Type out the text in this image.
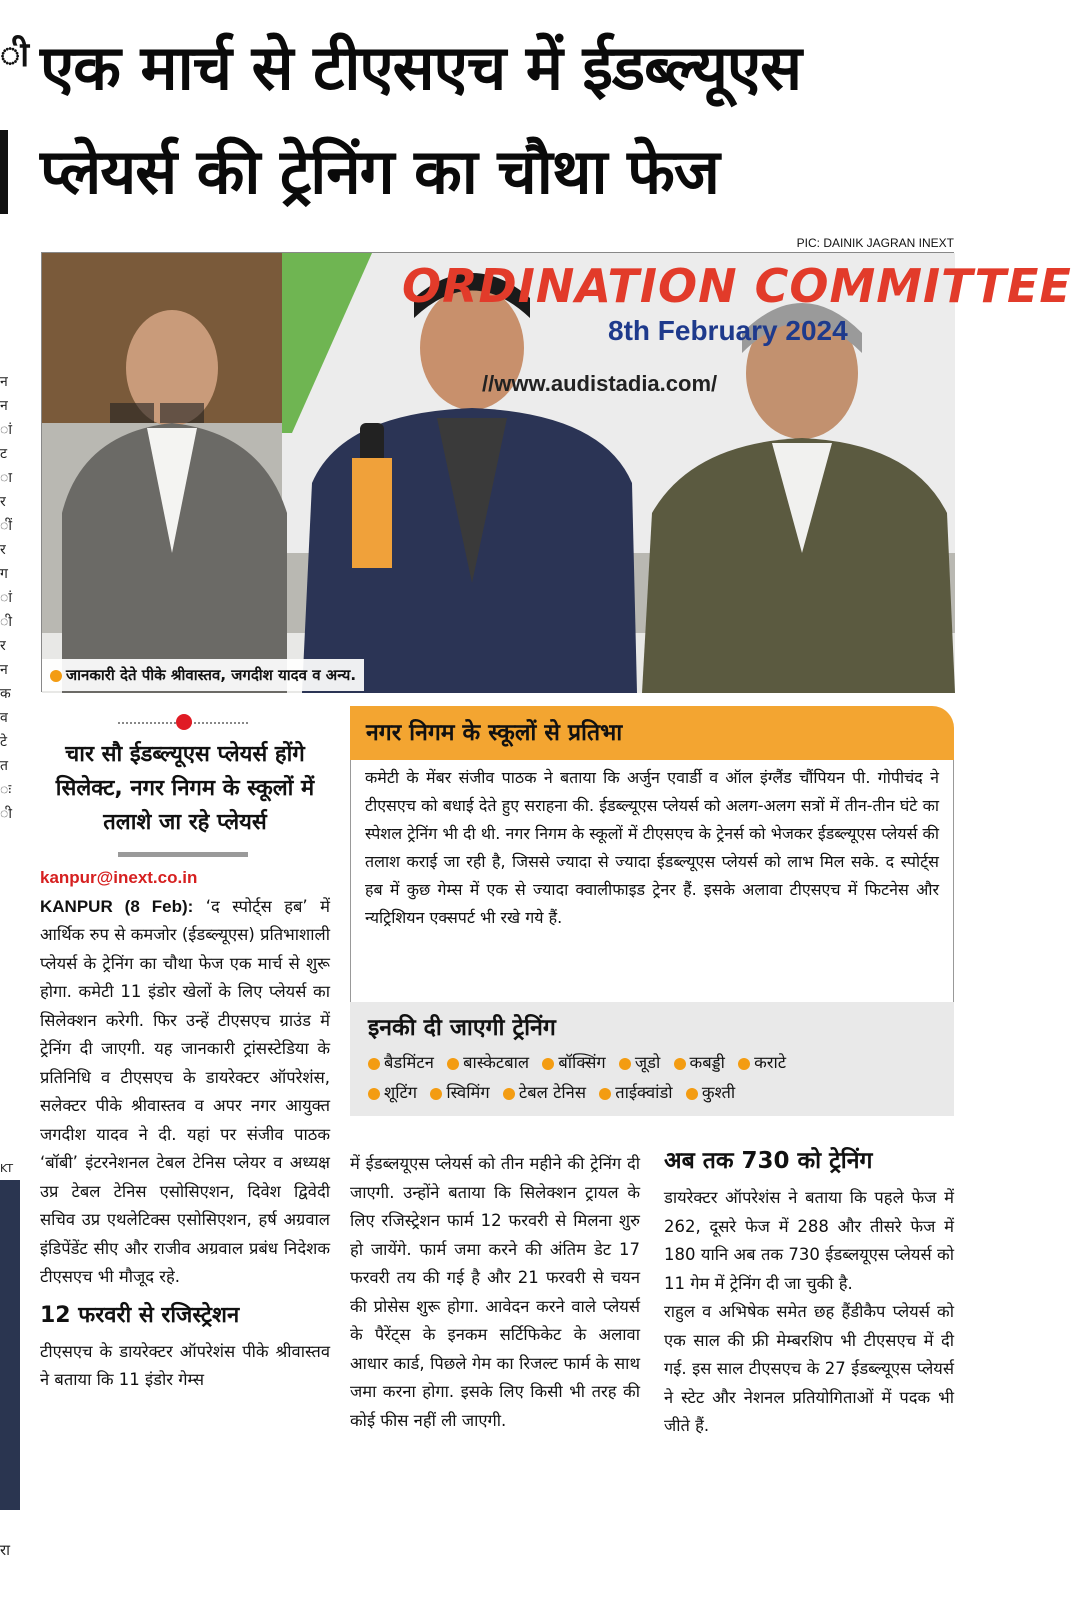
ी
न न ां ट ा र ीं र ग ां ी र न क व टे त ः ी
KT
रा
एक मार्च से टीएसएच में ईडब्ल्यूएस
प्लेयर्स की ट्रेनिंग का चौथा फेज
PIC: DAINIK JAGRAN INEXT
ORDINATION COMMITTEE
8th February 2024
//www.audistadia.com/
जानकारी देते पीके श्रीवास्तव, जगदीश यादव व अन्य.
चार सौ ईडब्ल्यूएस प्लेयर्स होंगे सिलेक्ट, नगर निगम के स्कूलों में तलाशे जा रहे प्लेयर्स
kanpur@inext.co.in

KANPUR (8 Feb): ‘द स्पोर्ट्स हब’ में आर्थिक रुप से कमजोर (ईडब्ल्यूएस) प्रतिभाशाली प्लेयर्स के ट्रेनिंग का चौथा फेज एक मार्च से शुरू होगा. कमेटी 11 इंडोर खेलों के लिए प्लेयर्स का सिलेक्शन करेगी. फिर उन्हें टीएसएच ग्राउंड में ट्रेनिंग दी जाएगी. यह जानकारी ट्रांसस्टेडिया के प्रतिनिधि व टीएसएच के डायरेक्टर ऑपरेशंस, सलेक्टर पीके श्रीवास्तव व अपर नगर आयुक्त जगदीश यादव ने दी. यहां पर संजीव पाठक ‘बॉबी’ इंटरनेशनल टेबल टेनिस प्लेयर व अध्यक्ष उप्र टेबल टेनिस एसोसिएशन, दिवेश द्विवेदी सचिव उप्र एथलेटिक्स एसोसिएशन, हर्ष अग्रवाल इंडिपेंडेंट सीए और राजीव अग्रवाल प्रबंध निदेशक टीएसएच भी मौजूद रहे.

12 फरवरी से रजिस्ट्रेशन

टीएसएच के डायरेक्टर ऑपरेशंस पीके श्रीवास्तव ने बताया कि 11 इंडोर गेम्स

नगर निगम के स्कूलों से प्रतिभा
कमेटी के मेंबर संजीव पाठक ने बताया कि अर्जुन एवार्डी व ऑल इंग्लैंड चौंपियन पी. गोपीचंद ने टीएसएच को बधाई देते हुए सराहना की. ईडब्ल्यूएस प्लेयर्स को अलग-अलग सत्रों में तीन-तीन घंटे का स्पेशल ट्रेनिंग भी दी थी. नगर निगम के स्कूलों में टीएसएच के ट्रेनर्स को भेजकर ईडब्ल्यूएस प्लेयर्स की तलाश कराई जा रही है, जिससे ज्यादा से ज्यादा ईडब्ल्यूएस प्लेयर्स को लाभ मिल सके. द स्पोर्ट्स हब में कुछ गेम्स में एक से ज्यादा क्वालीफाइड ट्रेनर हैं. इसके अलावा टीएसएच में फिटनेस और न्यट्रिशियन एक्सपर्ट भी रखे गये हैं.
इनकी दी जाएगी ट्रेनिंग
बैडमिंटन बास्केटबाल बॉक्सिंग जूडो कबड्डी कराटे
शूटिंग स्विमिंग टेबल टेनिस ताईक्वांडो कुश्ती

में ईडब्लयूएस प्लेयर्स को तीन महीने की ट्रेनिंग दी जाएगी. उन्होंने बताया कि सिलेक्शन ट्रायल के लिए रजिस्ट्रेशन फार्म 12 फरवरी से मिलना शुरु हो जायेंगे. फार्म जमा करने की अंतिम डेट 17 फरवरी तय की गई है और 21 फरवरी से चयन की प्रोसेस शुरू होगा. आवेदन करने वाले प्लेयर्स के पैरेंट्स के इनकम सर्टिफिकेट के अलावा आधार कार्ड, पिछले गेम का रिजल्ट फार्म के साथ जमा करना होगा. इसके लिए किसी भी तरह की कोई फीस नहीं ली जाएगी.

अब तक 730 को ट्रेनिंग

डायरेक्टर ऑपरेशंस ने बताया कि पहले फेज में 262, दूसरे फेज में 288 और तीसरे फेज में 180 यानि अब तक 730 ईडब्लयूएस प्लेयर्स को 11 गेम में ट्रेनिंग दी जा चुकी है.

राहुल व अभिषेक समेत छह हैंडीकैप प्लेयर्स को एक साल की फ्री मेम्बरशिप भी टीएसएच में दी गई. इस साल टीएसएच के 27 ईडब्ल्यूएस प्लेयर्स ने स्टेट और नेशनल प्रतियोगिताओं में पदक भी जीते हैं.
